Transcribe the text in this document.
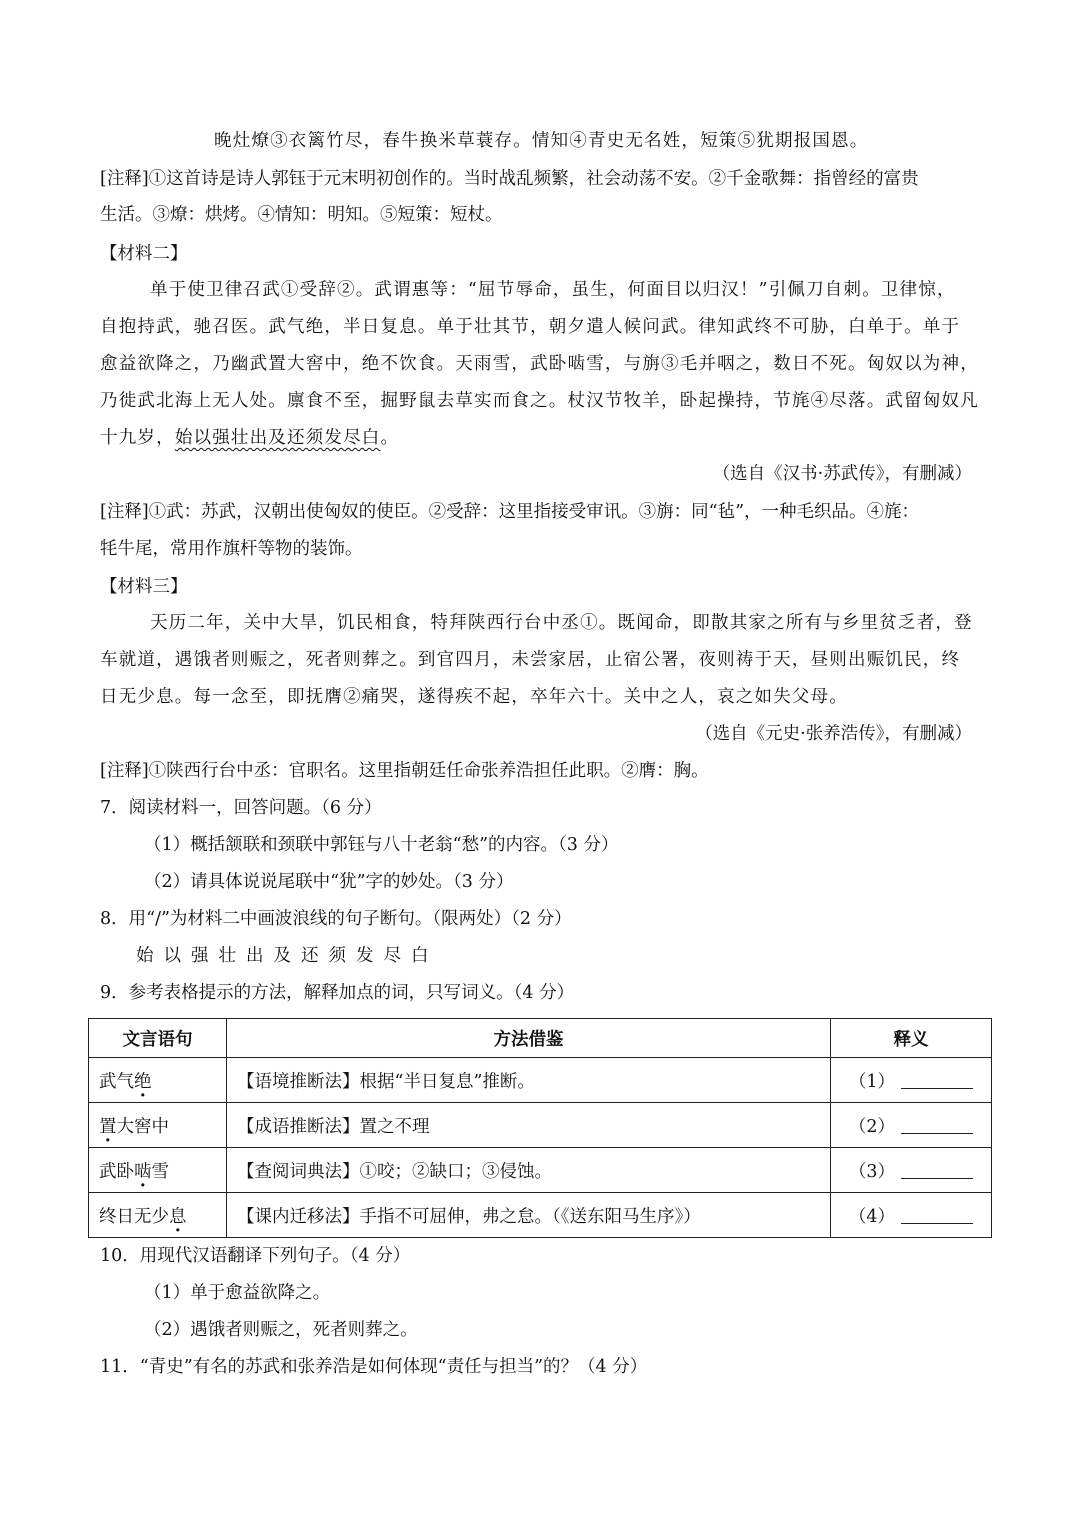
晚灶燎③衣篱竹尽，春牛换米草蓑存。情知④青史无名姓，短策⑤犹期报国恩。
[注释]①这首诗是诗人郭钰于元末明初创作的。当时战乱频繁，社会动荡不安。②千金歌舞：指曾经的富贵
生活。③燎：烘烤。④情知：明知。⑤短策：短杖。
【材料二】
单于使卫律召武①受辞②。武谓惠等：“屈节辱命，虽生，何面目以归汉！”引佩刀自刺。卫律惊，
自抱持武，驰召医。武气绝，半日复息。单于壮其节，朝夕遣人候问武。律知武终不可胁，白单于。单于
愈益欲降之，乃幽武置大窖中，绝不饮食。天雨雪，武卧啮雪，与旃③毛并咽之，数日不死。匈奴以为神，
乃徙武北海上无人处。廪食不至，掘野鼠去草实而食之。杖汉节牧羊，卧起操持，节旄④尽落。武留匈奴凡
十九岁，始以强壮出及还须发尽白。
（选自《汉书·苏武传》，有删减）
[注释]①武：苏武，汉朝出使匈奴的使臣。②受辞：这里指接受审讯。③旃：同“毡”，一种毛织品。④旄：
牦牛尾，常用作旗杆等物的装饰。
【材料三】
天历二年，关中大旱，饥民相食，特拜陕西行台中丞①。既闻命，即散其家之所有与乡里贫乏者，登
车就道，遇饿者则赈之，死者则葬之。到官四月，未尝家居，止宿公署，夜则祷于天，昼则出赈饥民，终
日无少息。每一念至，即抚膺②痛哭，遂得疾不起，卒年六十。关中之人，哀之如失父母。
（选自《元史·张养浩传》，有删减）
[注释]①陕西行台中丞：官职名。这里指朝廷任命张养浩担任此职。②膺：胸。
7．阅读材料一，回答问题。（6 分）
（1）概括颔联和颈联中郭钰与八十老翁“愁”的内容。（3 分）
（2）请具体说说尾联中“犹”字的妙处。（3 分）
8．用“/”为材料二中画波浪线的句子断句。（限两处）（2 分）
始以强壮出及还须发尽白
9．参考表格提示的方法，解释加点的词，只写词义。（4 分）
文言语句	方法借鉴	释义
武气绝	【语境推断法】根据“半日复息”推断。	（1）
置大窖中	【成语推断法】置之不理	（2）
武卧啮雪	【查阅词典法】①咬；②缺口；③侵蚀。	（3）
终日无少息	【课内迁移法】手指不可屈伸，弗之怠。（《送东阳马生序》）	（4）
10．用现代汉语翻译下列句子。（4 分）
（1）单于愈益欲降之。
（2）遇饿者则赈之，死者则葬之。
11．“青史”有名的苏武和张养浩是如何体现“责任与担当”的？（4 分）
